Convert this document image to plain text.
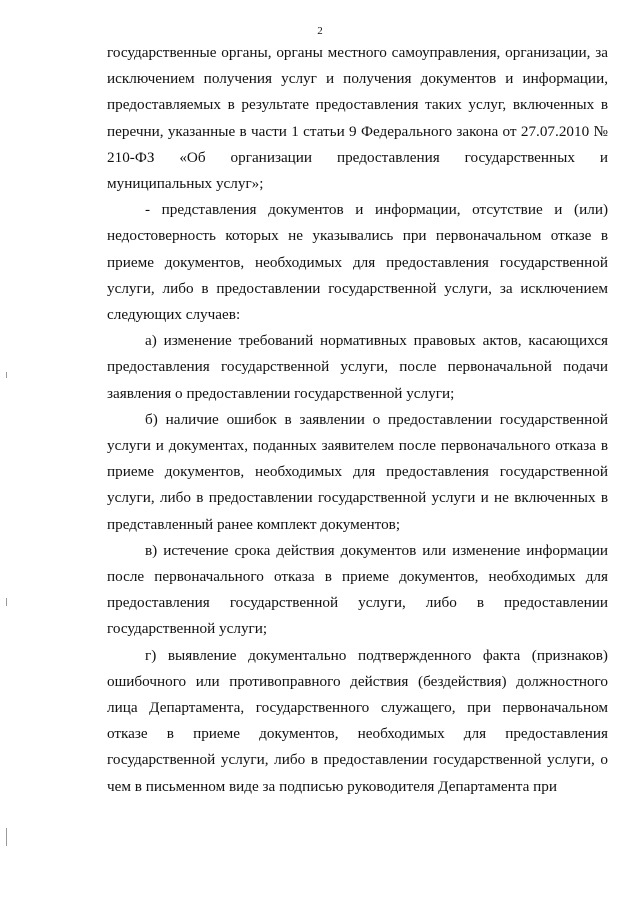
2

государственные органы, органы местного самоуправления, организации, за исключением получения услуг и получения документов и информации, предоставляемых в результате предоставления таких услуг, включенных в перечни, указанные в части 1 статьи 9 Федерального закона от 27.07.2010 № 210-ФЗ «Об организации предоставления государственных и муниципальных услуг»;

- представления документов и информации, отсутствие и (или) недостоверность которых не указывались при первоначальном отказе в приеме документов, необходимых для предоставления государственной услуги, либо в предоставлении государственной услуги, за исключением следующих случаев:

а) изменение требований нормативных правовых актов, касающихся предоставления государственной услуги, после первоначальной подачи заявления о предоставлении государственной услуги;

б) наличие ошибок в заявлении о предоставлении государственной услуги и документах, поданных заявителем после первоначального отказа в приеме документов, необходимых для предоставления государственной услуги, либо в предоставлении государственной услуги и не включенных в представленный ранее комплект документов;

в) истечение срока действия документов или изменение информации после первоначального отказа в приеме документов, необходимых для предоставления государственной услуги, либо в предоставлении государственной услуги;

г) выявление документально подтвержденного факта (признаков) ошибочного или противоправного действия (бездействия) должностного лица Департамента, государственного служащего, при первоначальном отказе в приеме документов, необходимых для предоставления государственной услуги, либо в предоставлении государственной услуги, о чем в письменном виде за подписью руководителя Департамента при
